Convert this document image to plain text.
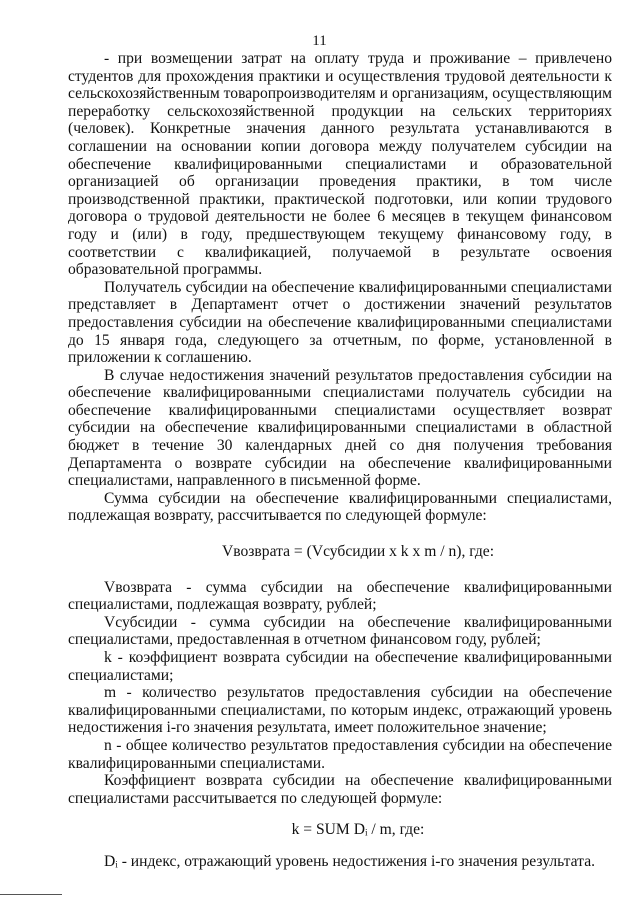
11

- при возмещении затрат на оплату труда и проживание – привлечено студентов для прохождения практики и осуществления трудовой деятельности к сельскохозяйственным товаропроизводителям и организациям, осуществляющим переработку сельскохозяйственной продукции на сельских территориях (человек). Конкретные значения данного результата устанавливаются в соглашении на основании копии договора между получателем субсидии на обеспечение квалифицированными специалистами и образовательной организацией об организации проведения практики, в том числе производственной практики, практической подготовки, или копии трудового договора о трудовой деятельности не более 6 месяцев в текущем финансовом году и (или) в году, предшествующем текущему финансовому году, в соответствии с квалификацией, получаемой в результате освоения образовательной программы.

Получатель субсидии на обеспечение квалифицированными специалистами представляет в Департамент отчет о достижении значений результатов предоставления субсидии на обеспечение квалифицированными специалистами до 15 января года, следующего за отчетным, по форме, установленной в приложении к соглашению.

В случае недостижения значений результатов предоставления субсидии на обеспечение квалифицированными специалистами получатель субсидии на обеспечение квалифицированными специалистами осуществляет возврат субсидии на обеспечение квалифицированными специалистами в областной бюджет в течение 30 календарных дней со дня получения требования Департамента о возврате субсидии на обеспечение квалифицированными специалистами, направленного в письменной форме.

Сумма субсидии на обеспечение квалифицированными специалистами, подлежащая возврату, рассчитывается по следующей формуле:

Vвозврата = (Vсубсидии x k x m / n), где:

Vвозврата - сумма субсидии на обеспечение квалифицированными специалистами, подлежащая возврату, рублей;

Vсубсидии - сумма субсидии на обеспечение квалифицированными специалистами, предоставленная в отчетном финансовом году, рублей;

k - коэффициент возврата субсидии на обеспечение квалифицированными специалистами;

m - количество результатов предоставления субсидии на обеспечение квалифицированными специалистами, по которым индекс, отражающий уровень недостижения i-го значения результата, имеет положительное значение;

n - общее количество результатов предоставления субсидии на обеспечение квалифицированными специалистами.

Коэффициент возврата субсидии на обеспечение квалифицированными специалистами рассчитывается по следующей формуле:

k = SUM Dᵢ / m, где:

Dᵢ - индекс, отражающий уровень недостижения i-го значения результата.
